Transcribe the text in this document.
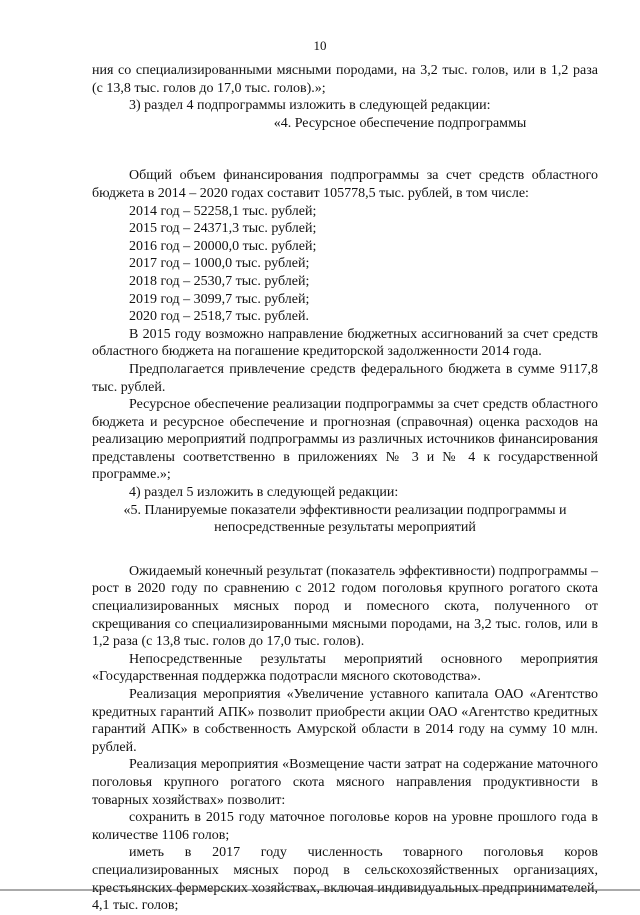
10

ния со специализированными мясными породами, на 3,2 тыс. голов, или в 1,2 раза (с 13,8 тыс. голов до 17,0 тыс. голов).»;

3) раздел 4 подпрограммы изложить в следующей редакции:

«4. Ресурсное обеспечение подпрограммы

Общий объем финансирования подпрограммы за счет средств областного бюджета в 2014 – 2020 годах составит 105778,5 тыс. рублей, в том числе:

2014 год – 52258,1 тыс. рублей;

2015 год – 24371,3 тыс. рублей;

2016 год – 20000,0 тыс. рублей;

2017 год – 1000,0 тыс. рублей;

2018 год – 2530,7 тыс. рублей;

2019 год – 3099,7 тыс. рублей;

2020 год – 2518,7 тыс. рублей.

В 2015 году возможно направление бюджетных ассигнований за счет средств областного бюджета на погашение кредиторской задолженности 2014 года.

Предполагается привлечение средств федерального бюджета в сумме 9117,8 тыс. рублей.

Ресурсное обеспечение реализации подпрограммы за счет средств областного бюджета и ресурсное обеспечение и прогнозная (справочная) оценка расходов на реализацию мероприятий подпрограммы из различных источников финансирования представлены соответственно в приложениях № 3 и № 4 к государственной программе.»;

4) раздел 5 изложить в следующей редакции:

«5. Планируемые показатели эффективности реализации подпрограммы и непосредственные результаты мероприятий

Ожидаемый конечный результат (показатель эффективности) подпрограммы – рост в 2020 году по сравнению с 2012 годом поголовья крупного рогатого скота специализированных мясных пород и помесного скота, полученного от скрещивания со специализированными мясными породами, на 3,2 тыс. голов, или в 1,2 раза (с 13,8 тыс. голов до 17,0 тыс. голов).

Непосредственные результаты мероприятий основного мероприятия «Государственная поддержка подотрасли мясного скотоводства».

Реализация мероприятия «Увеличение уставного капитала ОАО «Агентство кредитных гарантий АПК» позволит приобрести акции ОАО «Агентство кредитных гарантий АПК» в собственность Амурской области в 2014 году на сумму 10 млн. рублей.

Реализация мероприятия «Возмещение части затрат на содержание маточного поголовья крупного рогатого скота мясного направления продуктивности в товарных хозяйствах» позволит:

сохранить в 2015 году маточное поголовье коров на уровне прошлого года в количестве 1106 голов;

иметь в 2017 году численность товарного поголовья коров специализированных мясных пород в сельскохозяйственных организациях, 4,1 тыс. голов;
